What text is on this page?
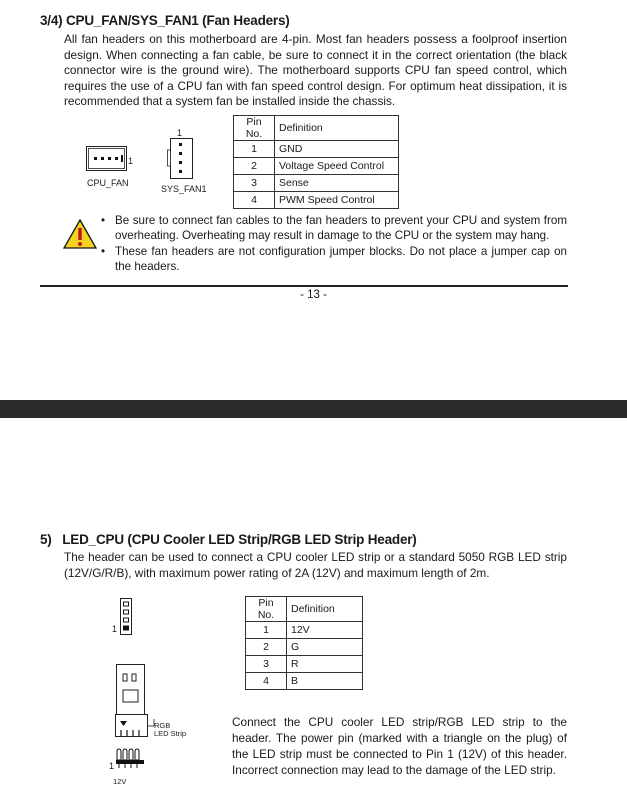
3/4) CPU_FAN/SYS_FAN1 (Fan Headers)
All fan headers on this motherboard are 4-pin. Most fan headers possess a foolproof insertion design. When connecting a fan cable, be sure to connect it in the correct orientation (the black connector wire is the ground wire). The motherboard supports CPU fan speed control, which requires the use of a CPU fan with fan speed control design. For optimum heat dissipation, it is recommended that a system fan be installed inside the chassis.
1
CPU_FAN
1
SYS_FAN1
Pin No.	Definition
1	GND
2	Voltage Speed Control
3	Sense
4	PWM Speed Control
• Be sure to connect fan cables to the fan headers to prevent your CPU and system from overheating. Overheating may result in damage to the CPU or the system may hang.
• These fan headers are not configuration jumper blocks. Do not place a jumper cap on the headers.
- 13 -
5)   LED_CPU (CPU Cooler LED Strip/RGB LED Strip Header)
The header can be used to connect a CPU cooler LED strip or a standard 5050 RGB LED strip (12V/G/R/B), with maximum power rating of 2A (12V) and maximum length of 2m.
1
Pin No.	Definition
1	12V
2	G
3	R
4	B
RGB
LED Strip
1
12V
Connect the CPU cooler LED strip/RGB LED strip to the header. The power pin (marked with a triangle on the plug) of the LED strip must be connected to Pin 1 (12V) of this header. Incorrect connection may lead to the damage of the LED strip.
